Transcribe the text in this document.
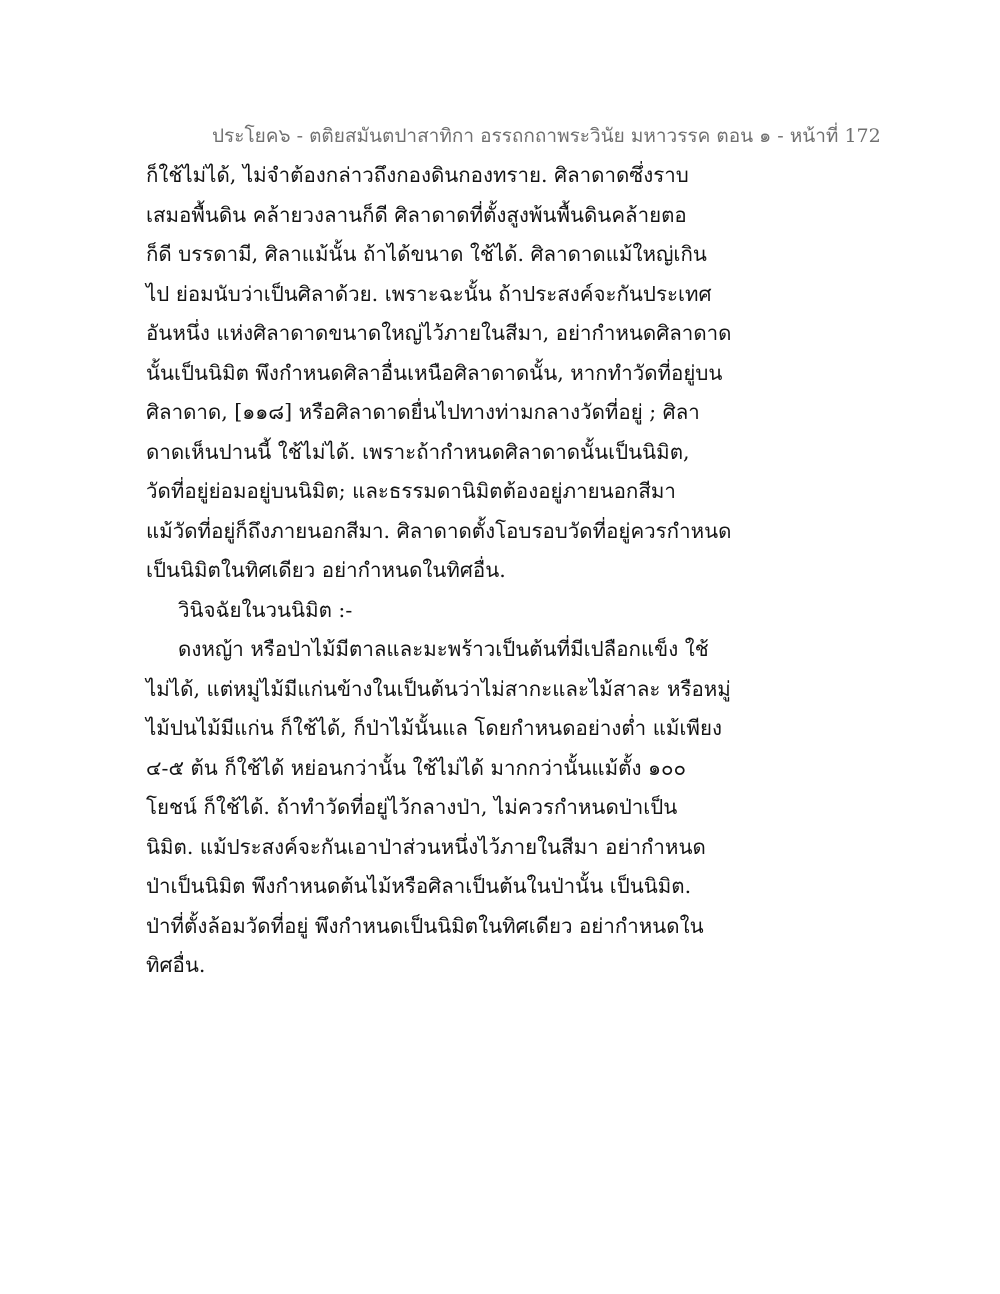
ประโยค๖ - ตติยสมันตปาสาทิกา อรรถกถาพระวินัย มหาวรรค ตอน ๑ - หน้าที่ 172
ก็ใช้ไม่ได้, ไม่จำต้องกล่าวถึงกองดินกองทราย. ศิลาดาดซึ่งราบ
เสมอพื้นดิน คล้ายวงลานก็ดี ศิลาดาดที่ตั้งสูงพ้นพื้นดินคล้ายตอ
ก็ดี บรรดามี, ศิลาแม้นั้น ถ้าได้ขนาด ใช้ได้. ศิลาดาดแม้ใหญ่เกิน
ไป ย่อมนับว่าเป็นศิลาด้วย. เพราะฉะนั้น ถ้าประสงค์จะกันประเทศ
อันหนึ่ง แห่งศิลาดาดขนาดใหญ่ไว้ภายในสีมา, อย่ากำหนดศิลาดาด
นั้นเป็นนิมิต พึงกำหนดศิลาอื่นเหนือศิลาดาดนั้น, หากทำวัดที่อยู่บน
ศิลาดาด, [๑๑๘] หรือศิลาดาดยื่นไปทางท่ามกลางวัดที่อยู่ ; ศิลา
ดาดเห็นปานนี้ ใช้ไม่ได้. เพราะถ้ากำหนดศิลาดาดนั้นเป็นนิมิต,
วัดที่อยู่ย่อมอยู่บนนิมิต; และธรรมดานิมิตต้องอยู่ภายนอกสีมา
แม้วัดที่อยู่ก็ถึงภายนอกสีมา. ศิลาดาดตั้งโอบรอบวัดที่อยู่ควรกำหนด
เป็นนิมิตในทิศเดียว อย่ากำหนดในทิศอื่น.
วินิจฉัยในวนนิมิต :-
ดงหญ้า หรือป่าไม้มีตาลและมะพร้าวเป็นต้นที่มีเปลือกแข็ง ใช้
ไม่ได้, แต่หมู่ไม้มีแก่นข้างในเป็นต้นว่าไม่สากะและไม้สาละ หรือหมู่
ไม้ปนไม้มีแก่น ก็ใช้ได้, ก็ป่าไม้นั้นแล โดยกำหนดอย่างต่ำ แม้เพียง
๔-๕ ต้น ก็ใช้ได้ หย่อนกว่านั้น ใช้ไม่ได้ มากกว่านั้นแม้ตั้ง ๑๐๐
โยชน์ ก็ใช้ได้. ถ้าทำวัดที่อยู่ไว้กลางป่า, ไม่ควรกำหนดป่าเป็น
นิมิต. แม้ประสงค์จะกันเอาป่าส่วนหนึ่งไว้ภายในสีมา อย่ากำหนด
ป่าเป็นนิมิต พึงกำหนดต้นไม้หรือศิลาเป็นต้นในป่านั้น เป็นนิมิต.
ป่าที่ตั้งล้อมวัดที่อยู่ พึงกำหนดเป็นนิมิตในทิศเดียว อย่ากำหนดใน
ทิศอื่น.
